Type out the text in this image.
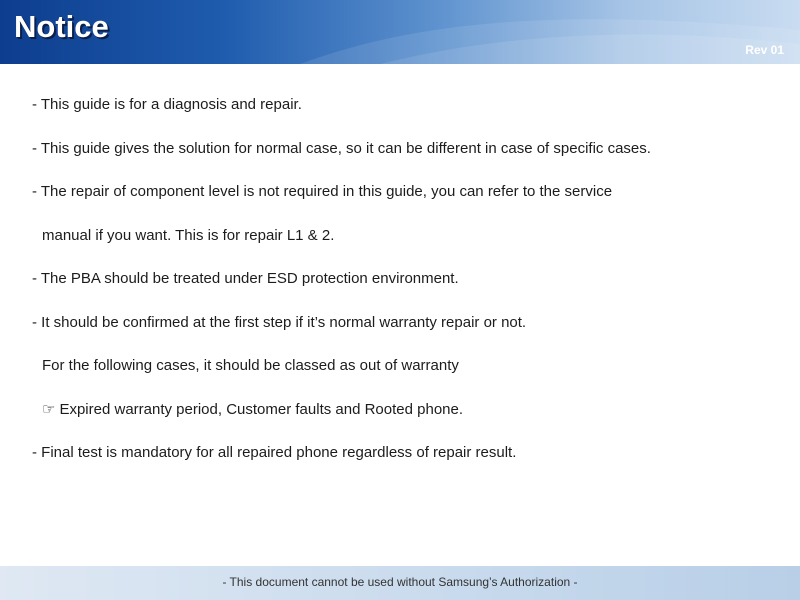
Notice
Rev 01
- This guide is for a diagnosis and repair.
- This guide gives the solution for normal case, so it can be different in case of specific cases.
- The repair of component level is not required in this guide, you can refer to the service
manual if you want. This is for repair L1 & 2.
- The PBA should be treated under ESD protection environment.
- It should be confirmed at the first step if it’s normal warranty repair or not.
For the following cases, it should be classed as out of warranty
☞ Expired warranty period, Customer faults and Rooted phone.
- Final test is mandatory for all repaired phone regardless of repair result.
- This document cannot be used without Samsung’s Authorization -
